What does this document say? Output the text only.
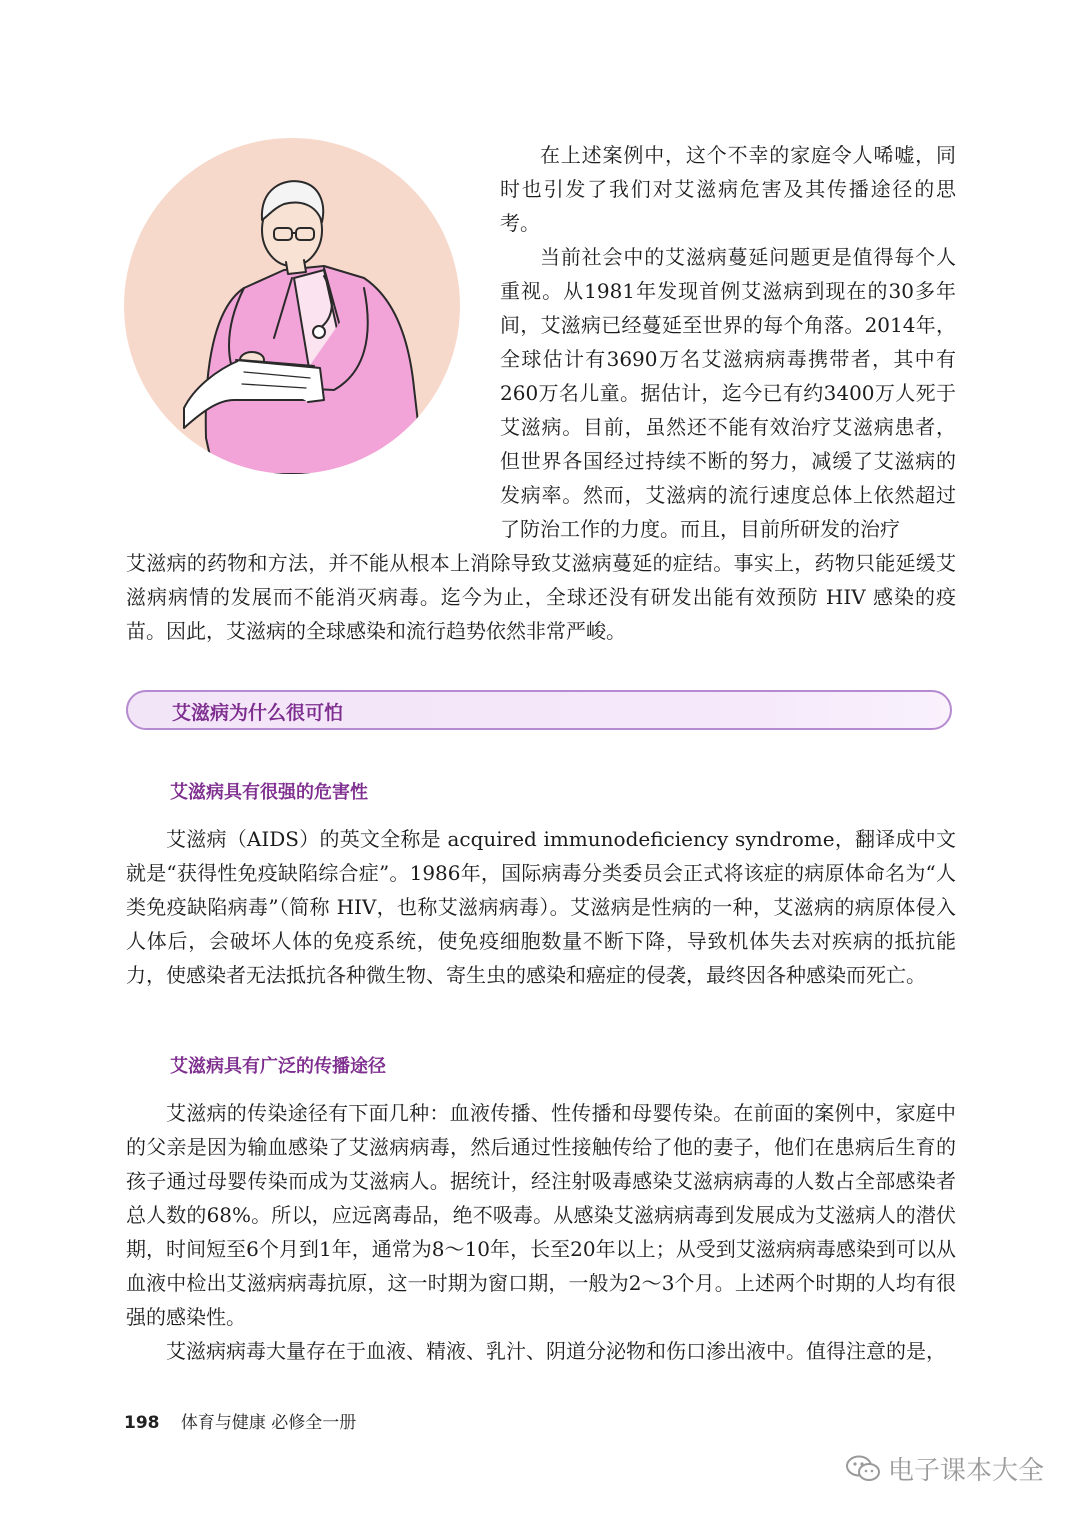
在上述案例中，这个不幸的家庭令人唏嘘，同时也引发了我们对艾滋病危害及其传播途径的思考。

当前社会中的艾滋病蔓延问题更是值得每个人重视。从1981年发现首例艾滋病到现在的30多年间，艾滋病已经蔓延至世界的每个角落。2014年，全球估计有3690万名艾滋病病毒携带者，其中有260万名儿童。据估计，迄今已有约3400万人死于艾滋病。目前，虽然还不能有效治疗艾滋病患者，但世界各国经过持续不断的努力，减缓了艾滋病的发病率。然而，艾滋病的流行速度总体上依然超过了防治工作的力度。而且，目前所研发的治疗

艾滋病的药物和方法，并不能从根本上消除导致艾滋病蔓延的症结。事实上，药物只能延缓艾滋病病情的发展而不能消灭病毒。迄今为止，全球还没有研发出能有效预防 HIV 感染的疫苗。因此，艾滋病的全球感染和流行趋势依然非常严峻。

艾滋病为什么很可怕
艾滋病具有很强的危害性

艾滋病（AIDS）的英文全称是 acquired immunodeficiency syndrome，翻译成中文就是“获得性免疫缺陷综合症”。1986年，国际病毒分类委员会正式将该症的病原体命名为“人类免疫缺陷病毒”（简称 HIV，也称艾滋病病毒）。艾滋病是性病的一种，艾滋病的病原体侵入人体后，会破坏人体的免疫系统，使免疫细胞数量不断下降，导致机体失去对疾病的抵抗能力，使感染者无法抵抗各种微生物、寄生虫的感染和癌症的侵袭，最终因各种感染而死亡。

艾滋病具有广泛的传播途径

艾滋病的传染途径有下面几种：血液传播、性传播和母婴传染。在前面的案例中，家庭中的父亲是因为输血感染了艾滋病病毒，然后通过性接触传给了他的妻子，他们在患病后生育的孩子通过母婴传染而成为艾滋病人。据统计，经注射吸毒感染艾滋病病毒的人数占全部感染者总人数的68%。所以，应远离毒品，绝不吸毒。从感染艾滋病病毒到发展成为艾滋病人的潜伏期，时间短至6个月到1年，通常为8～10年，长至20年以上；从受到艾滋病病毒感染到可以从血液中检出艾滋病病毒抗原，这一时期为窗口期，一般为2～3个月。上述两个时期的人均有很强的感染性。

艾滋病病毒大量存在于血液、精液、乳汁、阴道分泌物和伤口渗出液中。值得注意的是，

198 体育与健康 必修全一册
电子课本大全
